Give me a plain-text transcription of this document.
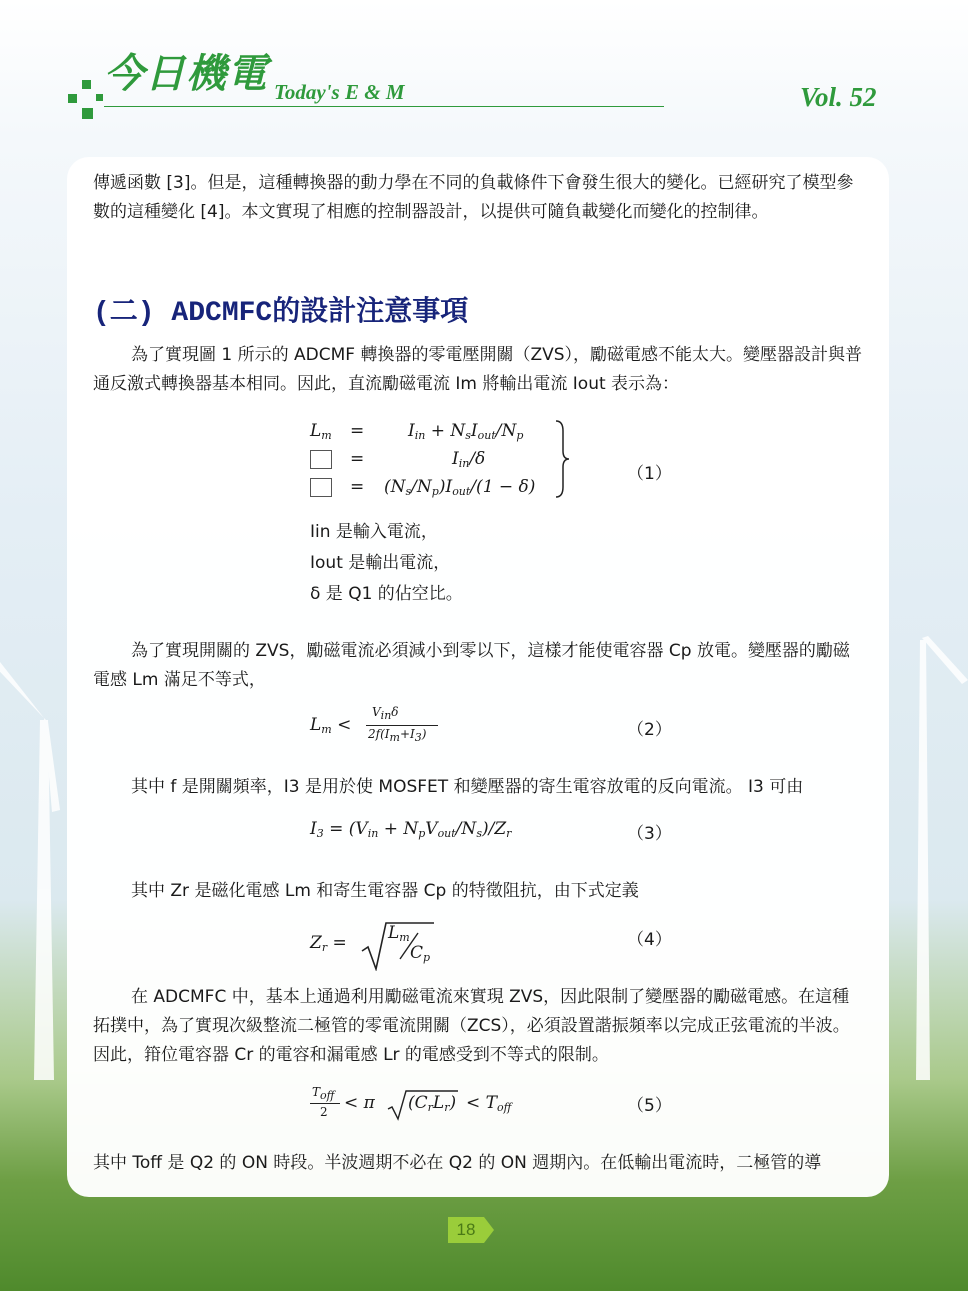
今日機電 Today's E & M	Vol. 52

傳遞函數 [3]。但是，這種轉換器的動力學在不同的負載條件下會發生很大的變化。已經研究了模型參數的這種變化 [4]。本文實現了相應的控制器設計，以提供可隨負載變化而變化的控制律。

(二) ADCMFC的設計注意事項

為了實現圖 1 所示的 ADCMF 轉換器的零電壓開關（ZVS），勵磁電感不能太大。變壓器設計與普通反激式轉換器基本相同。因此，直流勵磁電流 Im 將輸出電流 Iout 表示為：

$L_m$ =	$I_{in} + N_sI_{out}/N_p$
=	$I_{in}/\delta$
= $(N_s/N_p)I_{out}/(1 - \delta)$
（1）
Iin 是輸入電流，
Iout 是輸出電流，
δ 是 Q1 的佔空比。

為了實現開關的 ZVS，勵磁電流必須減小到零以下，這樣才能使電容器 Cp 放電。變壓器的勵磁電感 Lm 滿足不等式，

$L_m$ <
Vinδ
2f(Im+I3)	（2）

其中 f 是開關頻率，I3 是用於使 MOSFET 和變壓器的寄生電容放電的反向電流。 I3 可由

$I_3 = (V_{in} + N_pV_{out}/N_s)/Z_r$	（3）

其中 Zr 是磁化電感 Lm 和寄生電容器 Cp 的特徵阻抗，由下式定義

$Z_r = L_m$
$C_p$
（4）

在 ADCMFC 中，基本上通過利用勵磁電流來實現 ZVS，因此限制了變壓器的勵磁電感。在這種拓撲中，為了實現次級整流二極管的零電流開關（ZCS），必須設置諧振頻率以完成正弦電流的半波。因此，箝位電容器 Cr 的電容和漏電感 Lr 的電感受到不等式的限制。

Toff
2 < π $(C_rL_r) < T_{off}$	（5）

其中 Toff 是 Q2 的 ON 時段。半波週期不必在 Q2 的 ON 週期內。在低輸出電流時，二極管的導

18
